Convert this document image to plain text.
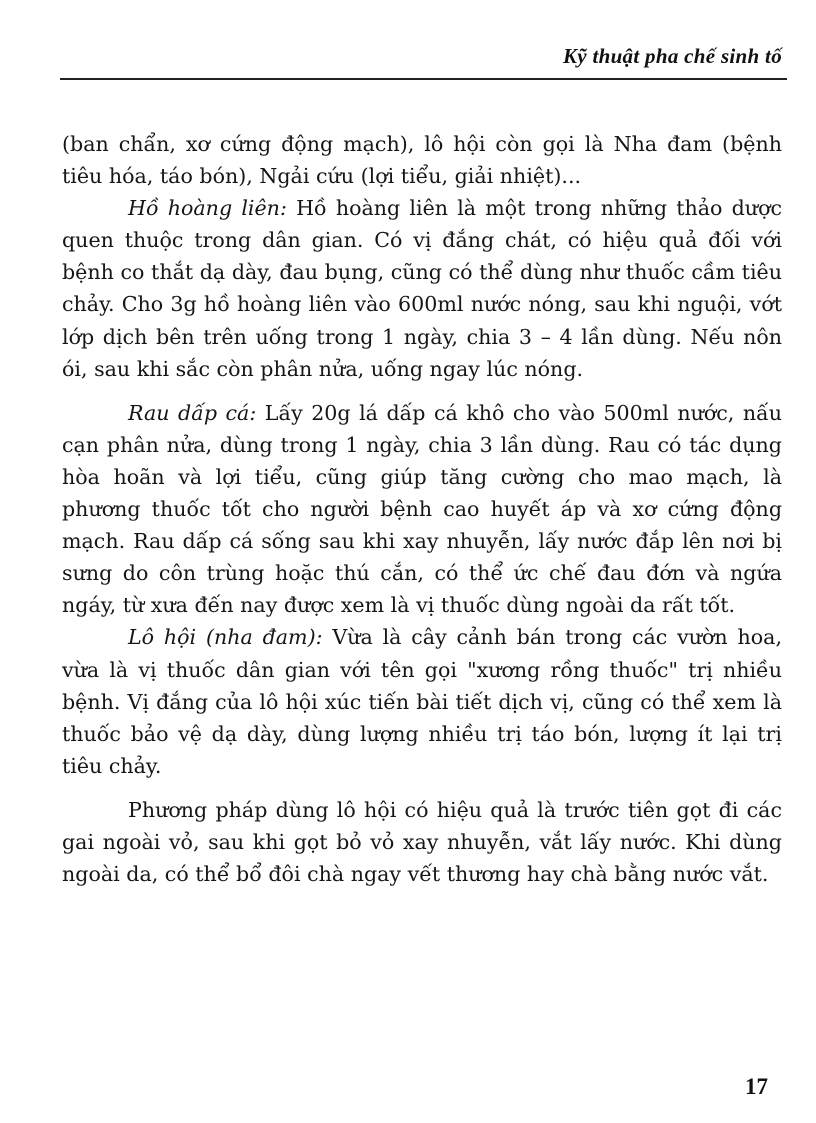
Kỹ thuật pha chế sinh tố

(ban chẩn, xơ cứng động mạch), lô hội còn gọi là Nha đam (bệnh tiêu hóa, táo bón), Ngải cứu (lợi tiểu, giải nhiệt)...

Hồ hoàng liên: Hồ hoàng liên là một trong những thảo dược quen thuộc trong dân gian. Có vị đắng chát, có hiệu quả đối với bệnh co thắt dạ dày, đau bụng, cũng có thể dùng như thuốc cầm tiêu chảy. Cho 3g hồ hoàng liên vào 600ml nước nóng, sau khi nguội, vớt lớp dịch bên trên uống trong 1 ngày, chia 3 – 4 lần dùng. Nếu nôn ói, sau khi sắc còn phân nửa, uống ngay lúc nóng.

Rau dấp cá: Lấy 20g lá dấp cá khô cho vào 500ml nước, nấu cạn phân nửa, dùng trong 1 ngày, chia 3 lần dùng. Rau có tác dụng hòa hoãn và lợi tiểu, cũng giúp tăng cường cho mao mạch, là phương thuốc tốt cho người bệnh cao huyết áp và xơ cứng động mạch. Rau dấp cá sống sau khi xay nhuyễn, lấy nước đắp lên nơi bị sưng do côn trùng hoặc thú cắn, có thể ức chế đau đớn và ngứa ngáy, từ xưa đến nay được xem là vị thuốc dùng ngoài da rất tốt.

Lô hội (nha đam): Vừa là cây cảnh bán trong các vườn hoa, vừa là vị thuốc dân gian với tên gọi "xương rồng thuốc" trị nhiều bệnh. Vị đắng của lô hội xúc tiến bài tiết dịch vị, cũng có thể xem là thuốc bảo vệ dạ dày, dùng lượng nhiều trị táo bón, lượng ít lại trị tiêu chảy.

Phương pháp dùng lô hội có hiệu quả là trước tiên gọt đi các gai ngoài vỏ, sau khi gọt bỏ vỏ xay nhuyễn, vắt lấy nước. Khi dùng ngoài da, có thể bổ đôi chà ngay vết thương hay chà bằng nước vắt.

17
